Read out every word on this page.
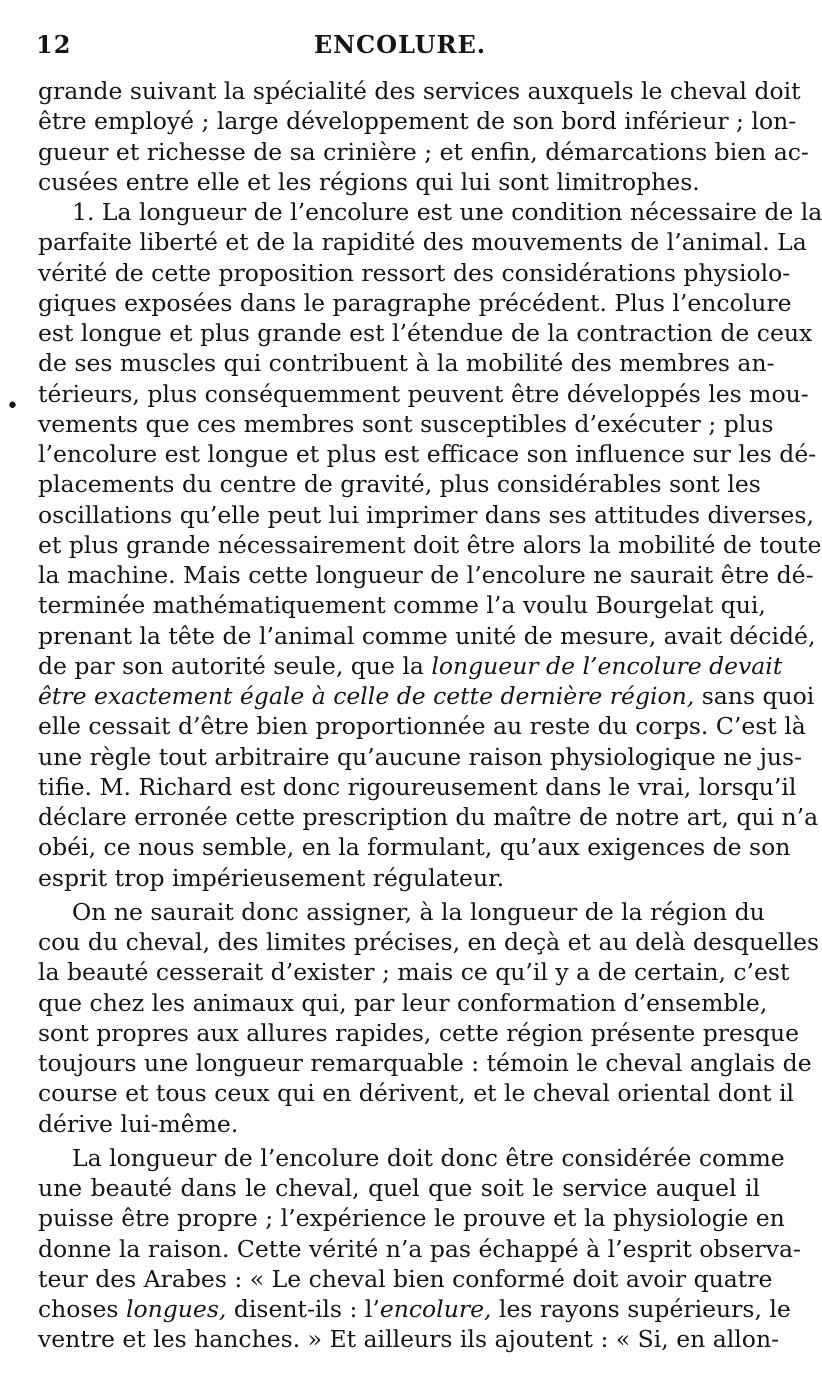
12	ENCOLURE.
•
grande suivant la spécialité des services auxquels le cheval doit
être employé ; large développement de son bord inférieur ; lon-
gueur et richesse de sa crinière ; et enfin, démarcations bien ac-
cusées entre elle et les régions qui lui sont limitrophes.
1. La longueur de l’encolure est une condition nécessaire de la
parfaite liberté et de la rapidité des mouvements de l’animal. La
vérité de cette proposition ressort des considérations physiolo-
giques exposées dans le paragraphe précédent. Plus l’encolure
est longue et plus grande est l’étendue de la contraction de ceux
de ses muscles qui contribuent à la mobilité des membres an-
térieurs, plus conséquemment peuvent être développés les mou-
vements que ces membres sont susceptibles d’exécuter ; plus
l’encolure est longue et plus est efficace son influence sur les dé-
placements du centre de gravité, plus considérables sont les
oscillations qu’elle peut lui imprimer dans ses attitudes diverses,
et plus grande nécessairement doit être alors la mobilité de toute
la machine. Mais cette longueur de l’encolure ne saurait être dé-
terminée mathématiquement comme l’a voulu Bourgelat qui,
prenant la tête de l’animal comme unité de mesure, avait décidé,
de par son autorité seule, que la longueur de l’encolure devait
être exactement égale à celle de cette dernière région, sans quoi
elle cessait d’être bien proportionnée au reste du corps. C’est là
une règle tout arbitraire qu’aucune raison physiologique ne jus-
tifie. M. Richard est donc rigoureusement dans le vrai, lorsqu’il
déclare erronée cette prescription du maître de notre art, qui n’a
obéi, ce nous semble, en la formulant, qu’aux exigences de son
esprit trop impérieusement régulateur.
On ne saurait donc assigner, à la longueur de la région du
cou du cheval, des limites précises, en deçà et au delà desquelles
la beauté cesserait d’exister ; mais ce qu’il y a de certain, c’est
que chez les animaux qui, par leur conformation d’ensemble,
sont propres aux allures rapides, cette région présente presque
toujours une longueur remarquable : témoin le cheval anglais de
course et tous ceux qui en dérivent, et le cheval oriental dont il
dérive lui-même.
La longueur de l’encolure doit donc être considérée comme
une beauté dans le cheval, quel que soit le service auquel il
puisse être propre ; l’expérience le prouve et la physiologie en
donne la raison. Cette vérité n’a pas échappé à l’esprit observa-
teur des Arabes : « Le cheval bien conformé doit avoir quatre
choses longues, disent-ils : l’encolure, les rayons supérieurs, le
ventre et les hanches. » Et ailleurs ils ajoutent : « Si, en allon-
